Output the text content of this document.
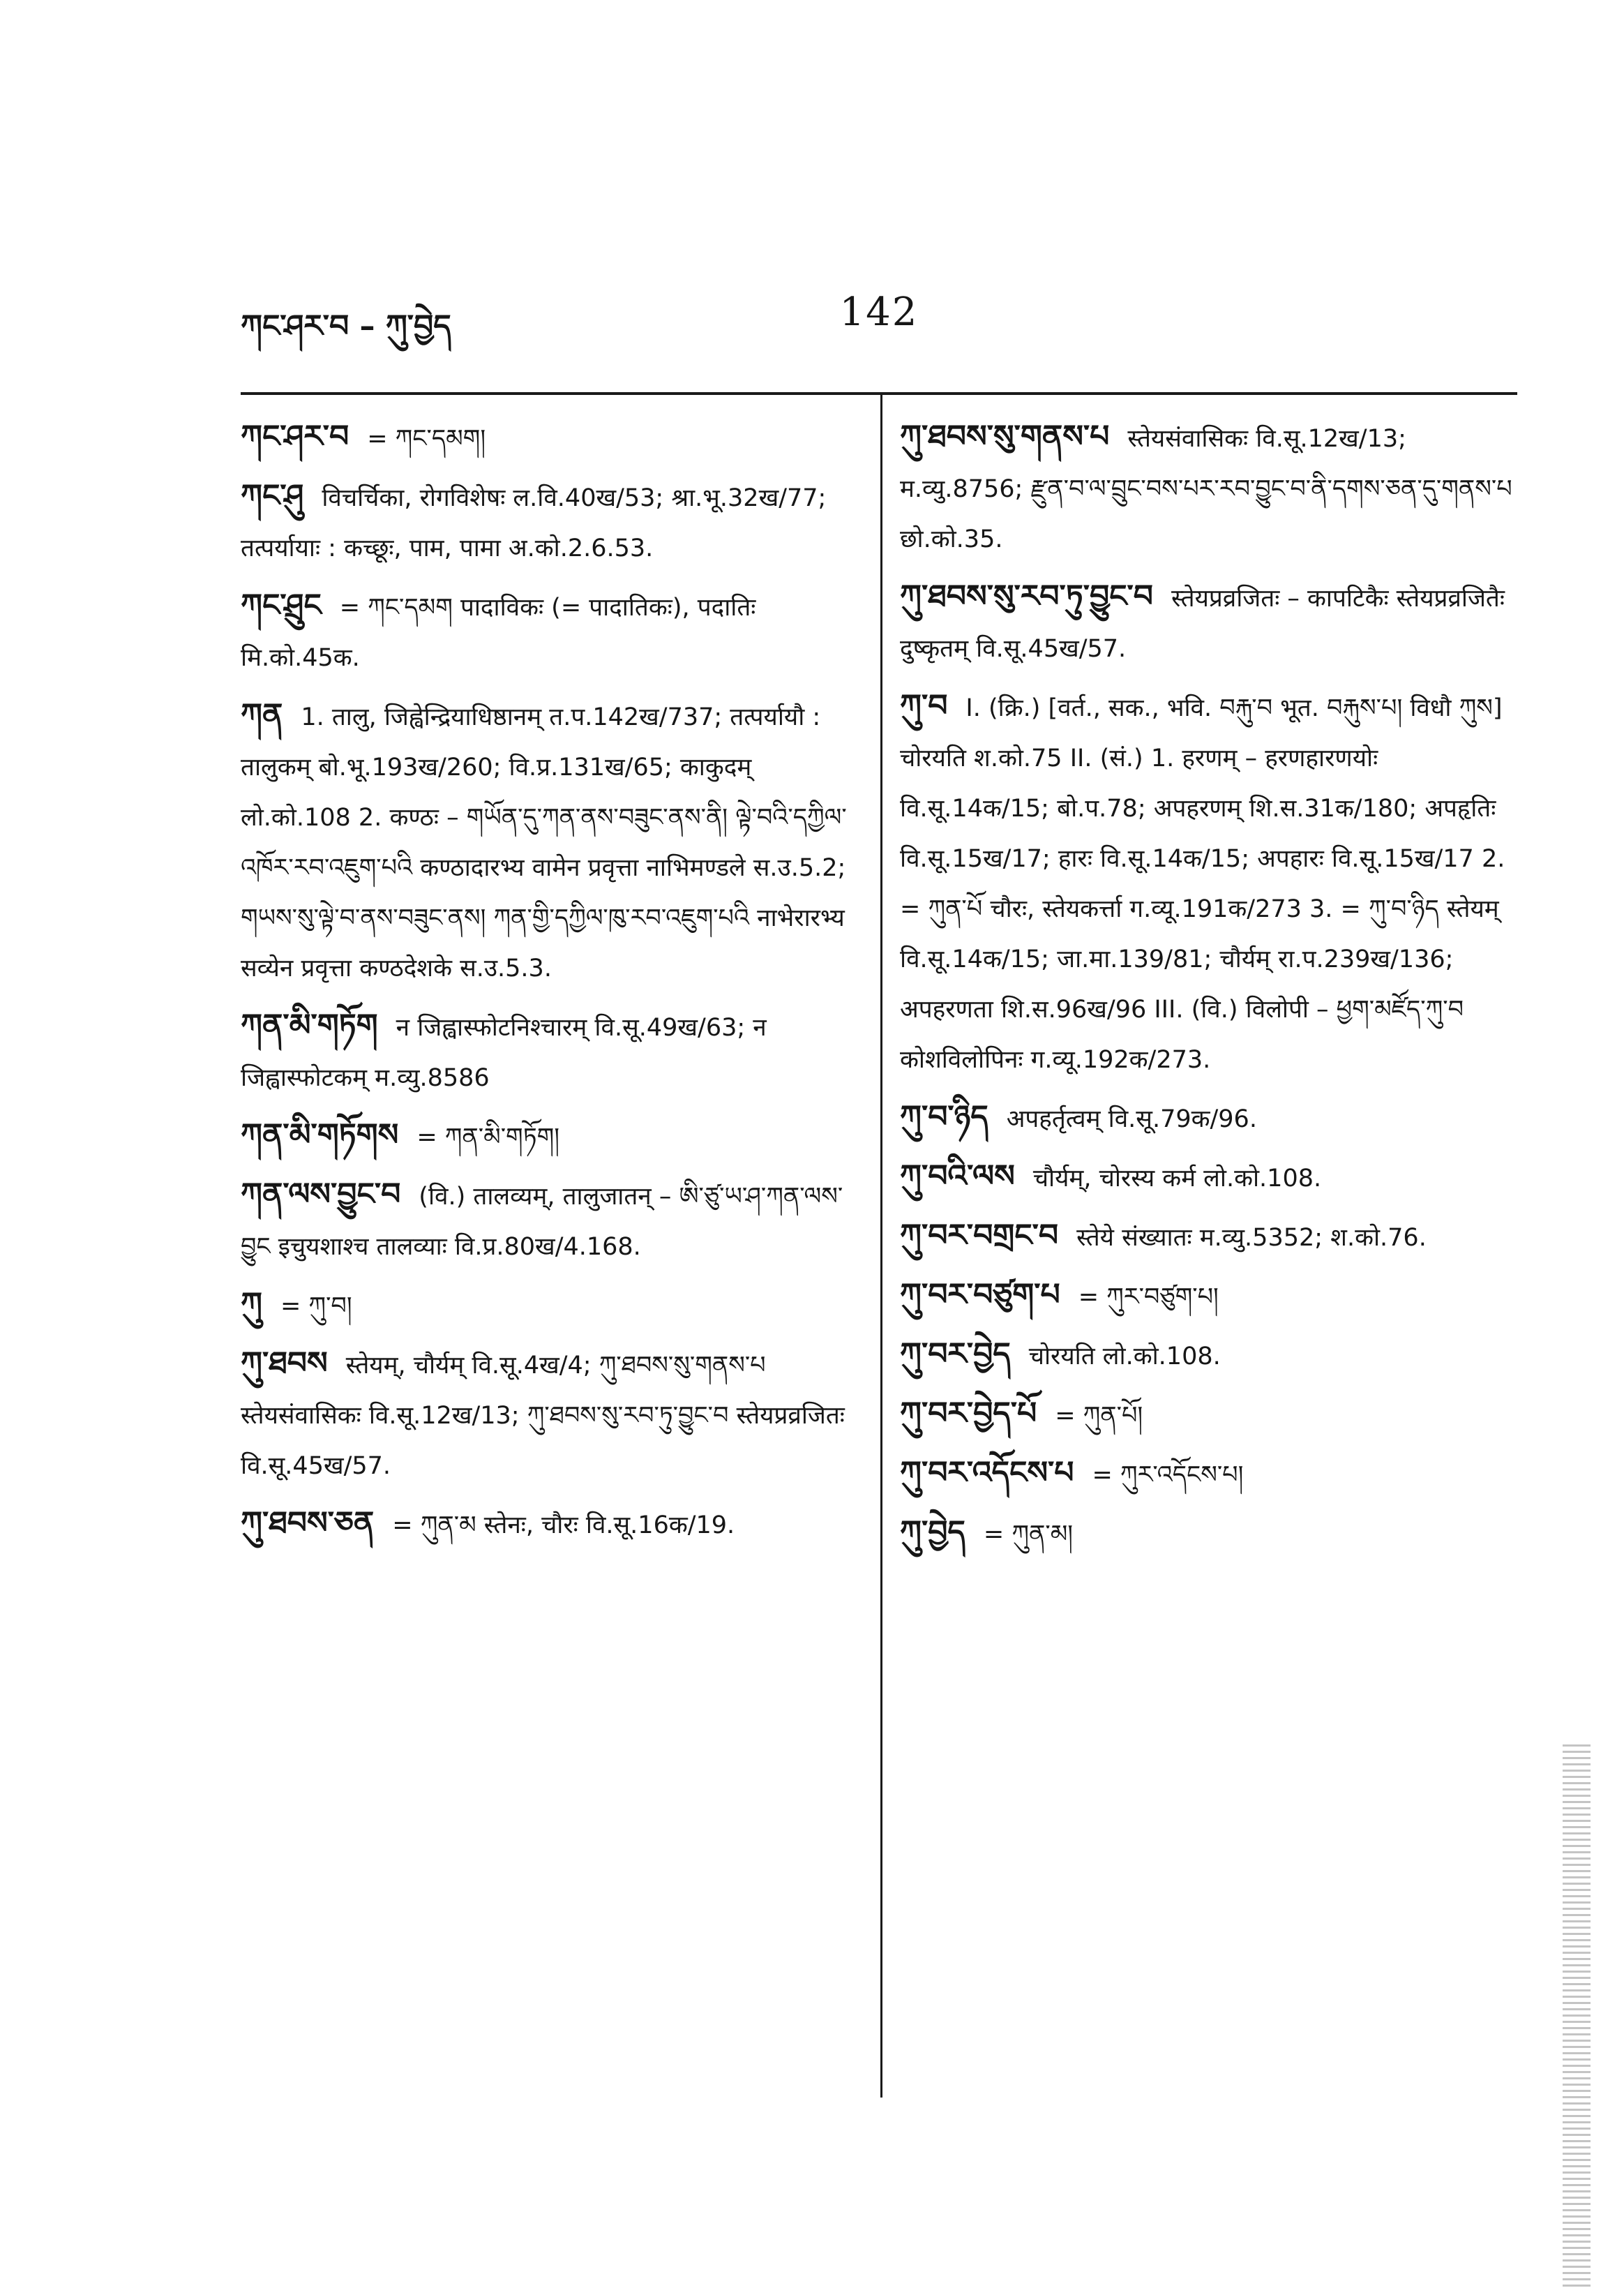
ཀང་ཤར་བ – ཀུ་བྱེད	142
ཀང་ཤར་བ = ཀང་དམག།
ཀང་ཤུ विचर्चिका, रोगविशेषः ल.वि.40ख/53; श्रा.भू.32ख/77; तत्पर्यायाः : कच्छूः, पाम, पामा अ.को.2.6.53.
ཀང་ཤྲུང = ཀང་དམག पादाविकः (= पादातिकः), पदातिः मि.को.45क.
ཀན 1. तालु, जिह्वेन्द्रियाधिष्ठानम् त.प.142ख/737; तत्पर्यायौ : तालुकम् बो.भू.193ख/260; वि.प्र.131ख/65; काकुदम् लो.को.108 2. कण्ठः – གཡོན་དུ་ཀན་ནས་བཟུང་ནས་ནི། ལྟེ་བའི་དཀྱིལ་འཁོར་རབ་འཇུག་པའི कण्ठादारभ्य वामेन प्रवृत्ता नाभिमण्डले स.उ.5.2; གཡས་སུ་ལྟེ་བ་ནས་བཟུང་ནས། ཀན་གྱི་དཀྱིལ་ཁུ་རབ་འཇུག་པའི नाभेरारभ्य सव्येन प्रवृत्ता कण्ठदेशके स.उ.5.3.
ཀན་མི་གཏོག न जिह्वास्फोटनिश्चारम् वि.सू.49ख/63; न जिह्वास्फोटकम् म.व्यु.8586
ཀན་མི་གཏོགས = ཀན་མི་གཏོག།
ཀན་ལས་བྱུང་བ (वि.) तालव्यम्, तालुजातन् – ཨི་ཙུ་ཡ་ཤ་ཀན་ལས་བྱུང इचुयशाश्च तालव्याः वि.प्र.80ख/4.168.
ཀུ = ཀུ་བ།
ཀུ་ཐབས स्तेयम्, चौर्यम् वि.सू.4ख/4; ཀུ་ཐབས་སུ་གནས་པ स्तेयसंवासिकः वि.सू.12ख/13; ཀུ་ཐབས་སུ་རབ་ཏུ་བྱུང་བ स्तेयप्रव्रजितः वि.सू.45ख/57.
ཀུ་ཐབས་ཅན = ཀུན་མ स्तेनः, चौरः वि.सू.16क/19.
ཀུ་ཐབས་སུ་གནས་པ स्तेयसंवासिकः वि.सू.12ख/13; म.व्यु.8756; རྫུན་བ་ལ་བྲུང་བས་པར་རབ་བྱུང་བ་ནི་དགས་ཅན་དུ་གནས་པ छो.को.35.
ཀུ་ཐབས་སུ་རབ་ཏུ་བྱུང་བ स्तेयप्रव्रजितः – कापटिकैः स्तेयप्रव्रजितैः दुष्कृतम् वि.सू.45ख/57.
ཀུ་བ I. (क्रि.) [वर्त., सक., भवि. བརྐུ་བ भूत. བརྐུས་པ། विधौ ཀུས] चोरयति श.को.75 II. (सं.) 1. हरणम् – हरणहारणयोः वि.सू.14क/15; बो.प.78; अपहरणम् शि.स.31क/180; अपहृतिः वि.सू.15ख/17; हारः वि.सू.14क/15; अपहारः वि.सू.15ख/17 2. = ཀུན་པོ चौरः, स्तेयकर्त्ता ग.व्यू.191क/273 3. = ཀུ་བ་ཉིད स्तेयम् वि.सू.14क/15; जा.मा.139/81; चौर्यम् रा.प.239ख/136; अपहरणता शि.स.96ख/96 III. (वि.) विलोपी – ཕྱག་མཛོད་ཀུ་བ कोशविलोपिनः ग.व्यू.192क/273.
ཀུ་བ་ཉིད अपहर्तृत्वम् वि.सू.79क/96.
ཀུ་བའི་ལས चौर्यम्, चोरस्य कर्म लो.को.108.
ཀུ་བར་བགྲང་བ स्तेये संख्यातः म.व्यु.5352; श.को.76.
ཀུ་བར་བཙུག་པ = ཀུར་བཙུག་པ།
ཀུ་བར་བྱེད चोरयति लो.को.108.
ཀུ་བར་བྱེད་པོ = ཀུན་པོ།
ཀུ་བར་འདོངས་པ = ཀུར་འདོངས་པ།
ཀུ་བྱེད = ཀུན་མ།
